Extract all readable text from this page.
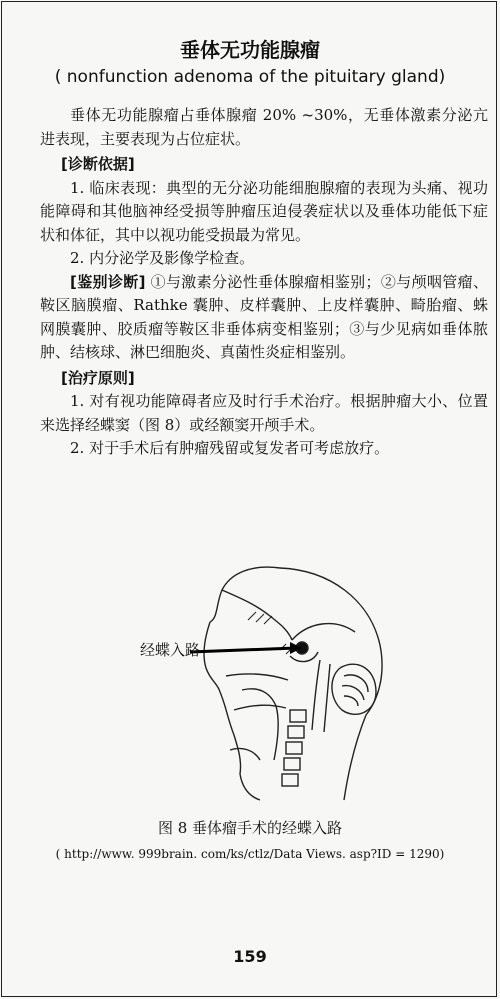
垂体无功能腺瘤
( nonfunction adenoma of the pituitary gland)

垂体无功能腺瘤占垂体腺瘤 20% ~30%，无垂体激素分泌亢进表现，主要表现为占位症状。

[诊断依据]

1. 临床表现：典型的无分泌功能细胞腺瘤的表现为头痛、视功能障碍和其他脑神经受损等肿瘤压迫侵袭症状以及垂体功能低下症状和体征，其中以视功能受损最为常见。

2. 内分泌学及影像学检查。

[鉴别诊断] ①与激素分泌性垂体腺瘤相鉴别；②与颅咽管瘤、鞍区脑膜瘤、Rathke 囊肿、皮样囊肿、上皮样囊肿、畸胎瘤、蛛网膜囊肿、胶质瘤等鞍区非垂体病变相鉴别；③与少见病如垂体脓肿、结核球、淋巴细胞炎、真菌性炎症相鉴别。

[治疗原则]

1. 对有视功能障碍者应及时行手术治疗。根据肿瘤大小、位置来选择经蝶窦（图 8）或经额窦开颅手术。

2. 对于手术后有肿瘤残留或复发者可考虑放疗。

经蝶入路
图 8 垂体瘤手术的经蝶入路
( http://www. 999brain. com/ks/ctlz/Data Views. asp?ID = 1290)
159
